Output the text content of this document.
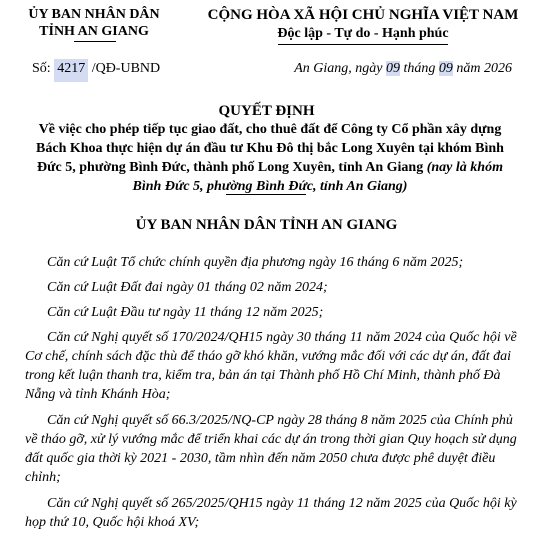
ỦY BAN NHÂN DÂN
TỈNH AN GIANG
CỘNG HÒA XÃ HỘI CHỦ NGHĨA VIỆT NAM
Độc lập - Tự do - Hạnh phúc
Số: 4217 /QĐ-UBND	An Giang, ngày 09 tháng 09 năm 2026
QUYẾT ĐỊNH
Về việc cho phép tiếp tục giao đất, cho thuê đất để Công ty Cổ phần xây dựng Bách Khoa thực hiện dự án đầu tư Khu Đô thị bắc Long Xuyên tại khóm Bình Đức 5, phường Bình Đức, thành phố Long Xuyên, tỉnh An Giang (nay là khóm Bình Đức 5, phường Bình Đức, tỉnh An Giang)
ỦY BAN NHÂN DÂN TỈNH AN GIANG

Căn cứ Luật Tổ chức chính quyền địa phương ngày 16 tháng 6 năm 2025;

Căn cứ Luật Đất đai ngày 01 tháng 02 năm 2024;

Căn cứ Luật Đầu tư ngày 11 tháng 12 năm 2025;

Căn cứ Nghị quyết số 170/2024/QH15 ngày 30 tháng 11 năm 2024 của Quốc hội về Cơ chế, chính sách đặc thù để tháo gỡ khó khăn, vướng mắc đối với các dự án, đất đai trong kết luận thanh tra, kiểm tra, bản án tại Thành phố Hồ Chí Minh, thành phố Đà Nẵng và tỉnh Khánh Hòa;

Căn cứ Nghị quyết số 66.3/2025/NQ-CP ngày 28 tháng 8 năm 2025 của Chính phủ về tháo gỡ, xử lý vướng mắc để triển khai các dự án trong thời gian Quy hoạch sử dụng đất quốc gia thời kỳ 2021 - 2030, tầm nhìn đến năm 2050 chưa được phê duyệt điều chỉnh;

Căn cứ Nghị quyết số 265/2025/QH15 ngày 11 tháng 12 năm 2025 của Quốc hội kỳ họp thứ 10, Quốc hội khoá XV;
